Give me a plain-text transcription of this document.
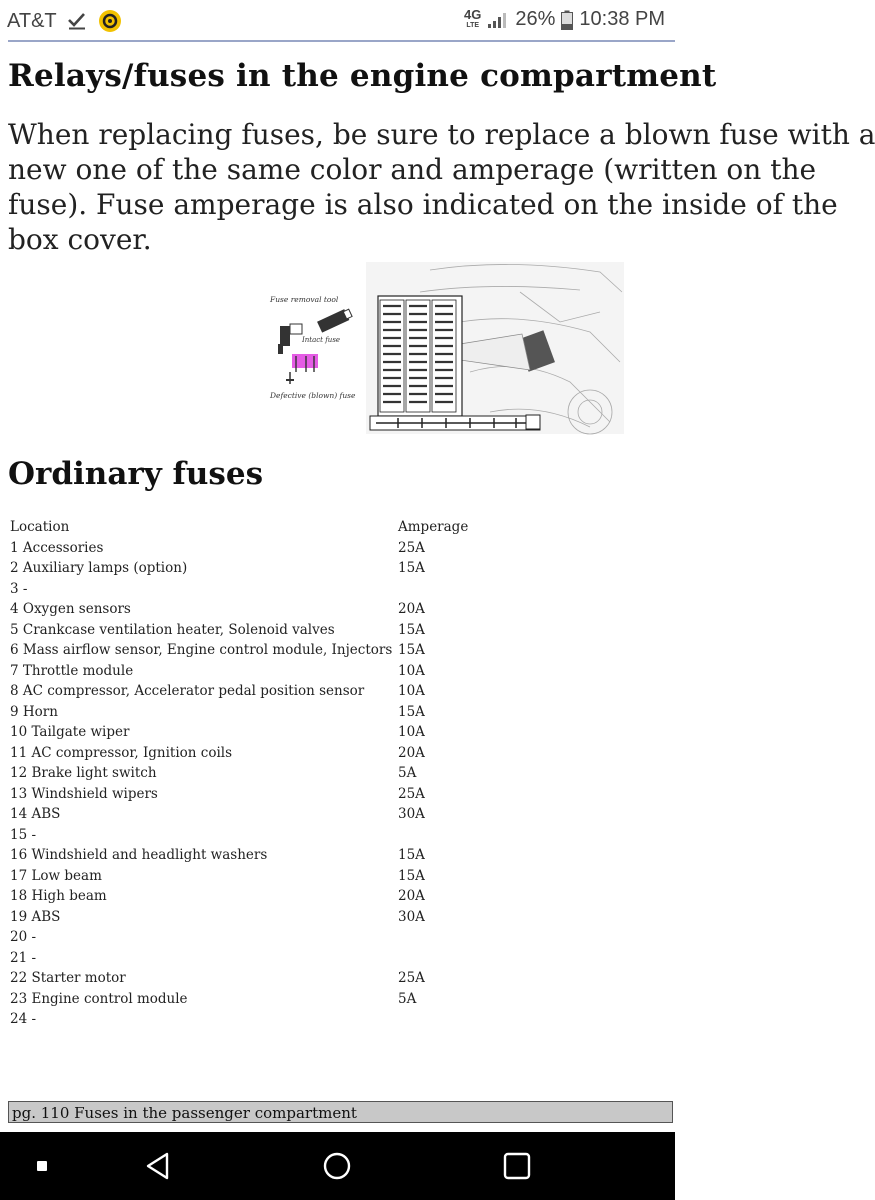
AT&T	4G
LTE 26% 10:38 PM
Relays/fuses in the engine compartment

When replacing fuses, be sure to replace a blown fuse with a
new one of the same color and amperage (written on the
fuse). Fuse amperage is also indicated on the inside of the
box cover.

Fuse removal tool
Intact fuse
Defective (blown) fuse
Ordinary fuses
Location	Amperage
1 Accessories	25A
2 Auxiliary lamps (option)	15A
3 -	
4 Oxygen sensors	20A
5 Crankcase ventilation heater, Solenoid valves	15A
6 Mass airflow sensor, Engine control module, Injectors	15A
7 Throttle module	10A
8 AC compressor, Accelerator pedal position sensor	10A
9 Horn	15A
10 Tailgate wiper	10A
11 AC compressor, Ignition coils	20A
12 Brake light switch	5A
13 Windshield wipers	25A
14 ABS	30A
15 -	
16 Windshield and headlight washers	15A
17 Low beam	15A
18 High beam	20A
19 ABS	30A
20 -	
21 -	
22 Starter motor	25A
23 Engine control module	5A
24 -	
pg. 110 Fuses in the passenger compartment
